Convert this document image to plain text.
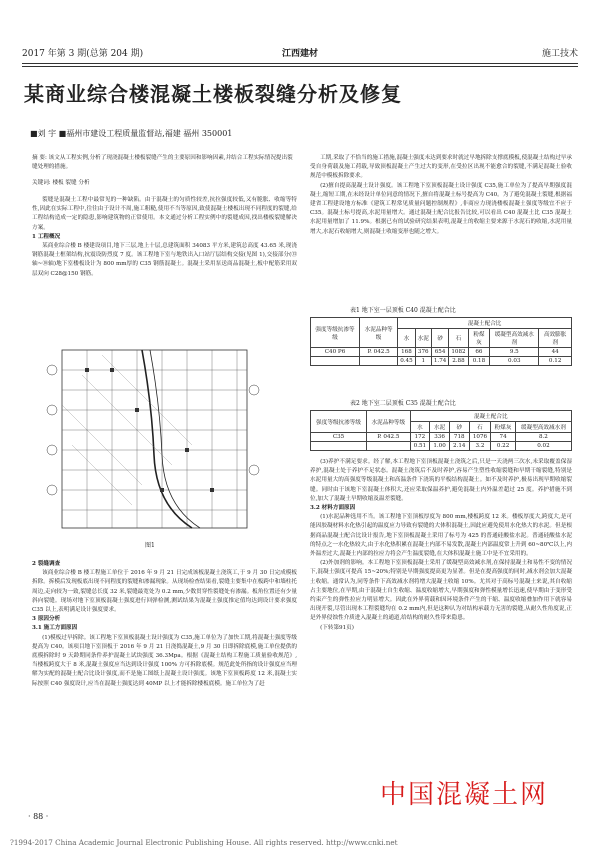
2017 年第 3 期(总第 204 期)	江西建材	施工技术
某商业综合楼混凝土楼板裂缝分析及修复
■刘 宇 ■福州市建设工程质量监督站,福建 福州 350001
摘 要: 该文从工程实例,分析了现浇混凝土楼板裂缝产生的主要原因和影响因素,并结合工程实际情况提出裂缝处理的措施。
关键词: 楼板 裂缝 分析

裂缝是混凝土工程中最常见的一种缺陷。由于混凝土的匀质性较差,抗拉强度较低,又有脆胀、收缩等特性,因此在实际工程中,往往由于设计不周,施工粗糙,使用不当等原因,致使混凝土楼板出现不同程度的裂缝,给工程结构造成一定的隐患,影响建筑物的正常使用。本文通过分析工程实例中的裂缝成因,找出楼板裂缝解决方案。

1 工程概况

某商业综合楼 B 楼建设项目,地下三层,地上十层,总建筑面积 34083 平方米,建筑总高度 43.65 米,现浇钢筋混凝土框架结构,抗震设防烈度 7 度。该工程地下室与地铁出入口站厅层结构交接(见图 1),交接部分(⑬轴~⑩轴)地下室楼板设计为 800 mm厚的 C35 钢筋混凝土。混凝土采用泵送商品混凝土,板中配筋采用双层双向 C28@150 钢筋。

图1

2 裂缝调查

该商业综合楼 B 楼工程施工单位于 2016 年 9 月 21 日完成该板混凝土浇筑工,于 9 月 30 日完成模板拆除。拆模后发现板底出现不同程度的裂缝和渗漏现象。从现场检查结果看,裂缝主要集中在板跨中和墙柱托周边,走向较为一致,裂缝总长度 32 米,裂缝最宽处为 0.2 mm,少数贯穿性裂缝处有渗漏。板角位置还有少量斜向裂缝。现场对地下室顶板混凝土强度进行回弹检测,测试结果为混凝土强度推定值均达到设计要求强度 C35 以上,表明满足设计强度要求。

3 原因分析

3.1 施工方面原因

(1)模板过早拆除。该工程地下室顶板混凝土设计强度为 C35,施工单位为了加快工期,将混凝土强度等级提高为 C40。该项目地下室顶板于 2016 年 9 月 21 日浇捣混凝土,9 月 30 日即拆除底模,施工单位提供的底模拆除时 9 天龄期同条件养护混凝土试块强度 36.3Mpa。根据《混凝土结构工程施工质量验收规范》,当楼板跨度大于 8 米,混凝土强度应当达到设计强度 100% 方可拆除底模。规范此处所指的设计强度应当理解为实配的混凝土配合比设计强度,而不是施工图纸上混凝土设计强度。该地下室顶板跨度 12 米,混凝土实际按照 C40 强度设计,应当在混凝土强度达到 40MP 以上才能拆除楼板底模。施工单位为了赶

工期,采取了不恰当的施工措施,混凝土强度未达到要求时就过早地拆除支撑底模板,使混凝土结构过早承受自身荷载及施工荷载,导致顶板混凝土产生过大的变形,在受拉区出现不能愈合的裂缝,不满足混凝土验收规范中模板拆除要求。

(2)擅自提高混凝土设计强度。该工程地下室顶板混凝土设计强度 C35,施工单位为了提高早期强度混凝土,缩短工期,在未经设计单位同意的情况下,擅自将混凝土标号提高为 C40。为了避免混凝土裂缝,根据福建省工程建设地方标准《建筑工程常见质量问题控制规程》,非商应力现浇楼板混凝土强度等级宜不应于 C35。混凝土标号提高,水泥用量增大。通过混凝土配合比报告比较,可以看出 C40 混凝土比 C35 混凝土水泥用量增加了 11.9%。根据已有的试验研究结果表明,混凝土的收缩主要来源于水泥石的收缩,水泥用量增大,水泥石收缩增大,则混凝土收缩变形也随之增大。

表1 地下室一层顶板 C40 混凝土配合比
强度等级抗渗等级	水泥品种等级	混凝土配合比						
		水	水泥	砂	石	粉煤灰	缓凝型高效减水剂	高效膨胀剂
C40 P6	P. 042.5	168	376	654	1082	66	9.5	44
		0.45	1	1.74	2.88	0.18	0.03	0.12
表2 地下室二层顶板 C35 混凝土配合比
强度等级抗渗等级	水泥品种等级	混凝土配合比					
		水	水泥	砂	石	粉煤灰	缓凝型高效减水剂
C35	P. 042.5	172	336	718	1076	74	8.2
		0.51	1.00	2.14	3.2	0.22	0.02

(3)养护不满足要求。经了解,本工程地下室顶板混凝土浇筑之后,只是一天浇两三次水,未采取覆盖保湿养护,混凝土处于养护不足状态。混凝土浇筑后不及时养护,容易产生塑性收缩裂缝和早期干缩裂缝,特别是水泥用量大的高强度等级混凝土和高温条件下浇筑的平板结构混凝土。如不及时养护,极易出现早期收缩裂缝。同时由于该地下室混凝土体积大,还应采取保温养护,避免混凝土内外温差超过 25 度。养护措施不到位,加大了混凝土早期收缩及温差裂缝。

3.2 材料方面原因

(1)水泥品种选用不当。该工程地下室顶板厚度为 800 mm,楼板跨度 12 米。楼板厚度大,跨度大,是可能因胶凝材料水化热引起的温度应力导致有裂缝的大体积混凝土,因此应避免使用水化热大的水泥。但是根据商品混凝土配合比设计报告,地下室顶板混凝土采用了标号为 425 的普通硅酸盐水泥。普通硅酸盐水泥的特点之一水化热较大,由于水化热积累在混凝土内部不易发散,混凝土内部温度常上升到 60~80℃以上,内外温差过大,混凝土内部的拉应力将会产生温度裂缝,在大体积混凝土施工中是不宜采用的。

(2)外加剂的影响。本工程地下室顶板混凝土采用了缓凝型高效减水剂,在保持混凝土和易性不变的情况下,混凝土强度可提高 15~20%;特别是早期强度提高更为显著。但是在提高强度的同时,减水剂会加大混凝土收缩。通常认为,同等条件下高效减水剂将增大混凝土收缩 10%。尤其对于高标号混凝土来说,其自收缩占主要地位,在早期,由于混凝土自生收缩、温度收缩增大,早期强度和弹性模量增长迅速,使早期由于变形受约束产生的弹性拉应力明显增大。因此在外界荷载和因环境条件产生的干缩、温度收缩叠加作用下就容易出现开裂,尽管出现本工程裂缝均在 0.2 mm内,但是这种认为对结构承载力无害的裂缝,从耐久性角度说,正是外界侵蚀性介质进入混凝土的通道,给结构的耐久性带来隐患。

(下转第91页)

· 88 ·
中国混凝土网
?1994-2017 China Academic Journal Electronic Publishing House. All rights reserved. http://www.cnki.net
